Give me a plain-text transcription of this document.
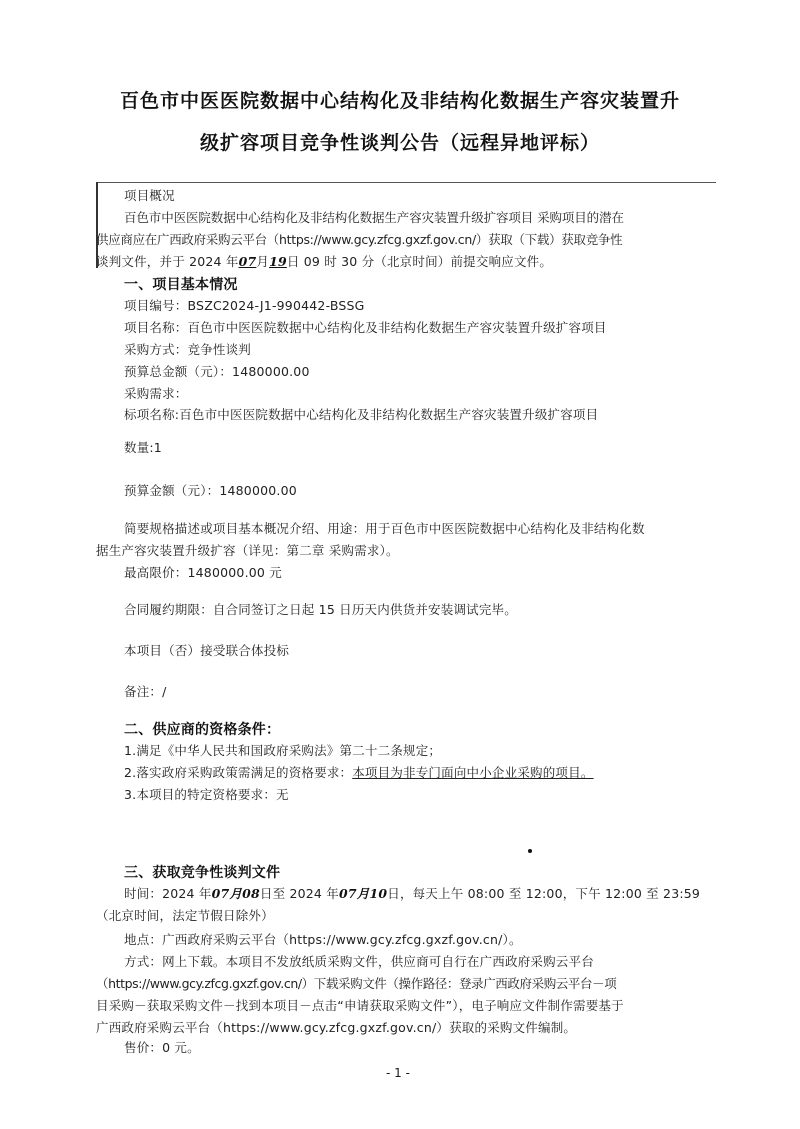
百色市中医医院数据中心结构化及非结构化数据生产容灾装置升
级扩容项目竞争性谈判公告（远程异地评标）
项目概况
百色市中医医院数据中心结构化及非结构化数据生产容灾装置升级扩容项目 采购项目的潜在
供应商应在广西政府采购云平台（https://www.gcy.zfcg.gxzf.gov.cn/）获取（下载）获取竞争性
谈判文件，并于 2024 年07月19日 09 时 30 分（北京时间）前提交响应文件。
一、项目基本情况
项目编号：BSZC2024-J1-990442-BSSG
项目名称：百色市中医医院数据中心结构化及非结构化数据生产容灾装置升级扩容项目
采购方式：竞争性谈判
预算总金额（元）：1480000.00
采购需求：
标项名称:百色市中医医院数据中心结构化及非结构化数据生产容灾装置升级扩容项目
数量:1
预算金额（元）：1480000.00
简要规格描述或项目基本概况介绍、用途：用于百色市中医医院数据中心结构化及非结构化数
据生产容灾装置升级扩容（详见：第二章 采购需求）。
最高限价：1480000.00 元
合同履约期限：自合同签订之日起 15 日历天内供货并安装调试完毕。
本项目（否）接受联合体投标
备注：/
二、供应商的资格条件：
1.满足《中华人民共和国政府采购法》第二十二条规定；
2.落实政府采购政策需满足的资格要求：本项目为非专门面向中小企业采购的项目。
3.本项目的特定资格要求：无
三、获取竞争性谈判文件
时间：2024 年07月08日至 2024 年07月10日，每天上午 08:00 至 12:00，下午 12:00 至 23:59
（北京时间，法定节假日除外）
地点：广西政府采购云平台（https://www.gcy.zfcg.gxzf.gov.cn/）。
方式：网上下载。本项目不发放纸质采购文件，供应商可自行在广西政府采购云平台
（https://www.gcy.zfcg.gxzf.gov.cn/）下载采购文件（操作路径：登录广西政府采购云平台－项
目采购－获取采购文件－找到本项目－点击“申请获取采购文件”），电子响应文件制作需要基于
广西政府采购云平台（https://www.gcy.zfcg.gxzf.gov.cn/）获取的采购文件编制。
售价：0 元。
- 1 -
